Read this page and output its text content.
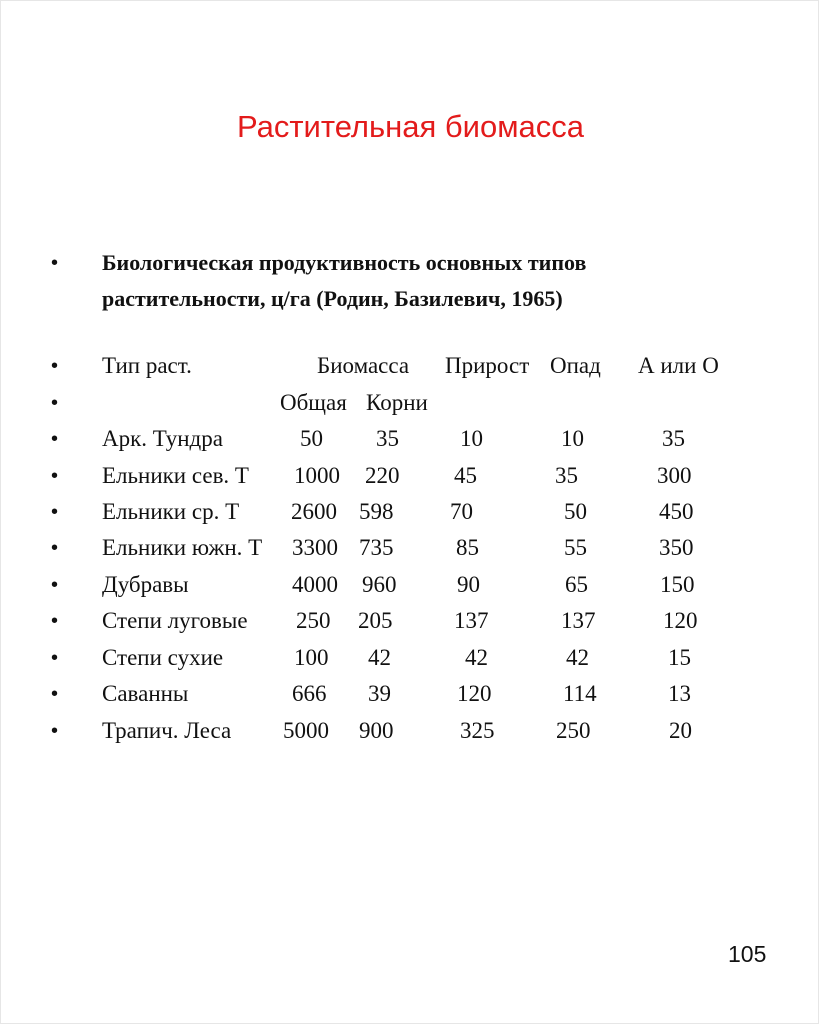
Растительная биомасса
• Биологическая продуктивность основных типов
растительности, ц/га (Родин, Базилевич, 1965)
• Тип раст.	Биомасса Прирост Опад А или О
•	Общая Корни
• Арк. Тундра	50 35	10	10	35
• Ельники сев. Т 1000 220 45	35	300
• Ельники ср. Т 2600 598 70	50	450
• Ельники южн. Т 3300 735	85	55	350
• Дубравы	4000 960	90	65	150
• Степи луговые 250 205	137	137	120
• Степи сухие	100 42	42	42	15
• Саванны	666 39	120	114	13
• Трапич. Леса 5000 900	325	250	20
105
